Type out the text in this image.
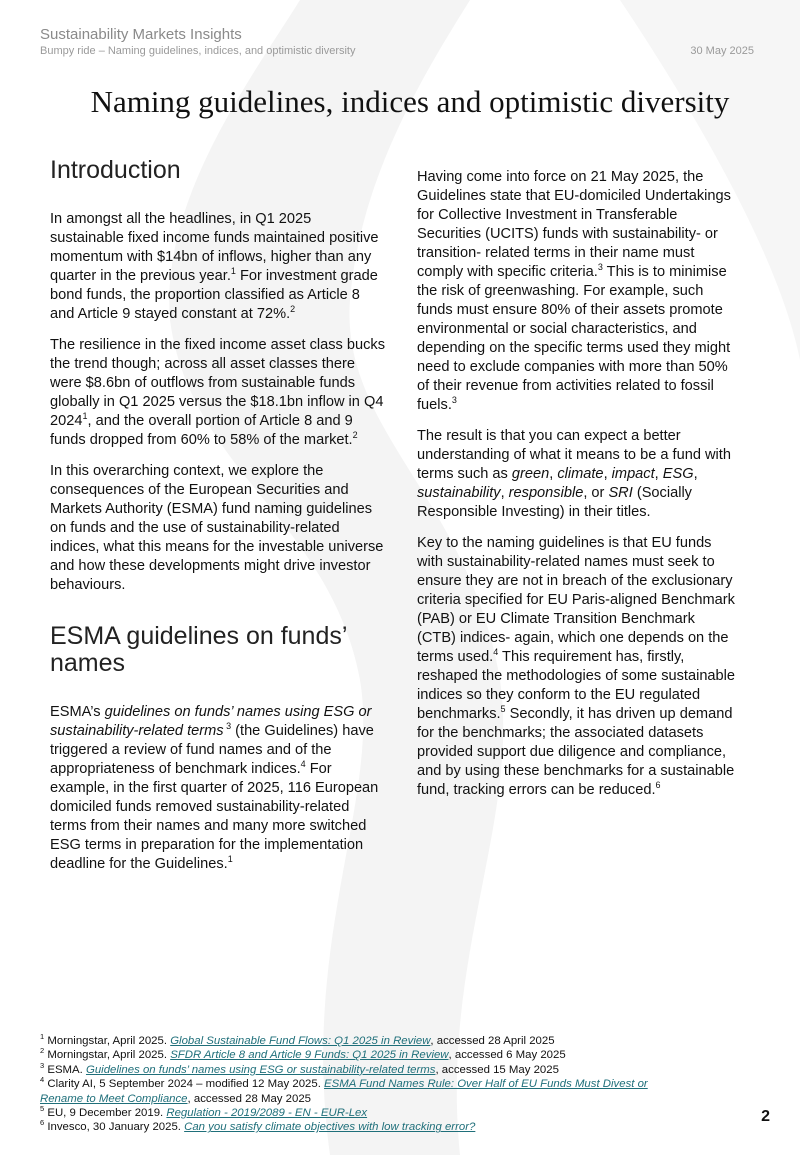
Sustainability Markets Insights
Bumpy ride – Naming guidelines, indices, and optimistic diversity	30 May 2025
Naming guidelines, indices and optimistic diversity
Introduction

In amongst all the headlines, in Q1 2025 sustainable fixed income funds maintained positive momentum with $14bn of inflows, higher than any quarter in the previous year.$^1$ For investment grade bond funds, the proportion classified as Article 8 and Article 9 stayed constant at 72%.$^2$

The resilience in the fixed income asset class bucks the trend though; across all asset classes there were $8.6bn of outflows from sustainable funds globally in Q1 2025 versus the $18.1bn inflow in Q4 2024$^1$, and the overall portion of Article 8 and 9 funds dropped from 60% to 58% of the market.$^2$

In this overarching context, we explore the consequences of the European Securities and Markets Authority (ESMA) fund naming guidelines on funds and the use of sustainability-related indices, what this means for the investable universe and how these developments might drive investor behaviours.

ESMA guidelines on funds’
names

ESMA’s guidelines on funds’ names using ESG or sustainability-related terms $^3$ (the Guidelines) have triggered a review of fund names and of the appropriateness of benchmark indices.$^4$ For example, in the first quarter of 2025, 116 European domiciled funds removed sustainability-related terms from their names and many more switched ESG terms in preparation for the implementation deadline for the Guidelines.$^1$

Having come into force on 21 May 2025, the Guidelines state that EU-domiciled Undertakings for Collective Investment in Transferable Securities (UCITS) funds with sustainability- or transition- related terms in their name must comply with specific criteria.$^3$ This is to minimise the risk of greenwashing. For example, such funds must ensure 80% of their assets promote environmental or social characteristics, and depending on the specific terms used they might need to exclude companies with more than 50% of their revenue from activities related to fossil fuels.$^3$

The result is that you can expect a better understanding of what it means to be a fund with terms such as green, climate, impact, ESG, sustainability, responsible, or SRI (Socially Responsible Investing) in their titles.

Key to the naming guidelines is that EU funds with sustainability-related names must seek to ensure they are not in breach of the exclusionary criteria specified for EU Paris-aligned Benchmark (PAB) or EU Climate Transition Benchmark (CTB) indices- again, which one depends on the terms used.$^4$ This requirement has, firstly, reshaped the methodologies of some sustainable indices so they conform to the EU regulated benchmarks.$^5$ Secondly, it has driven up demand for the benchmarks; the associated datasets provided support due diligence and compliance, and by using these benchmarks for a sustainable fund, tracking errors can be reduced.$^6$

$^1$ Morningstar, April 2025. Global Sustainable Fund Flows: Q1 2025 in Review, accessed 28 April 2025
$^2$ Morningstar, April 2025. SFDR Article 8 and Article 9 Funds: Q1 2025 in Review, accessed 6 May 2025
$^3$ ESMA. Guidelines on funds’ names using ESG or sustainability-related terms, accessed 15 May 2025
$^4$ Clarity AI, 5 September 2024 – modified 12 May 2025. ESMA Fund Names Rule: Over Half of EU Funds Must Divest or
Rename to Meet Compliance, accessed 28 May 2025
$^5$ EU, 9 December 2019. Regulation - 2019/2089 - EN - EUR-Lex
$^6$ Invesco, 30 January 2025. Can you satisfy climate objectives with low tracking error?
2
